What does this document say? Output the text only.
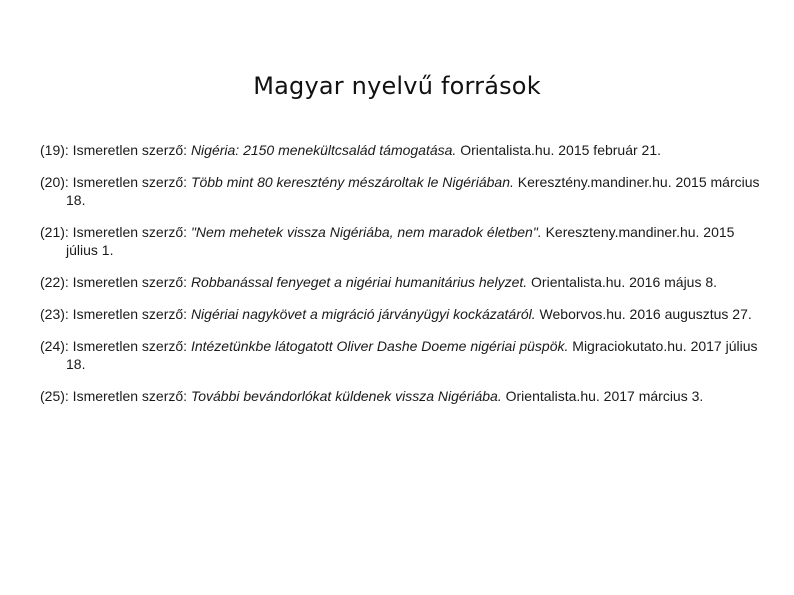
Magyar nyelvű források
(19): Ismeretlen szerző: Nigéria: 2150 menekültcsalád támogatása. Orientalista.hu. 2015 február 21.
(20): Ismeretlen szerző: Több mint 80 keresztény mészároltak le Nigériában. Keresztény.mandiner.hu. 2015 március 18.
(21): Ismeretlen szerző: "Nem mehetek vissza Nigériába, nem maradok életben". Kereszteny.mandiner.hu. 2015 július 1.
(22): Ismeretlen szerző: Robbanással fenyeget a nigériai humanitárius helyzet. Orientalista.hu. 2016 május 8.
(23): Ismeretlen szerző: Nigériai nagykövet a migráció járványügyi kockázatáról. Weborvos.hu. 2016 augusztus 27.
(24): Ismeretlen szerző: Intézetünkbe látogatott Oliver Dashe Doeme nigériai püspök. Migraciokutato.hu. 2017 július 18.
(25): Ismeretlen szerző: További bevándorlókat küldenek vissza Nigériába. Orientalista.hu. 2017 március 3.
